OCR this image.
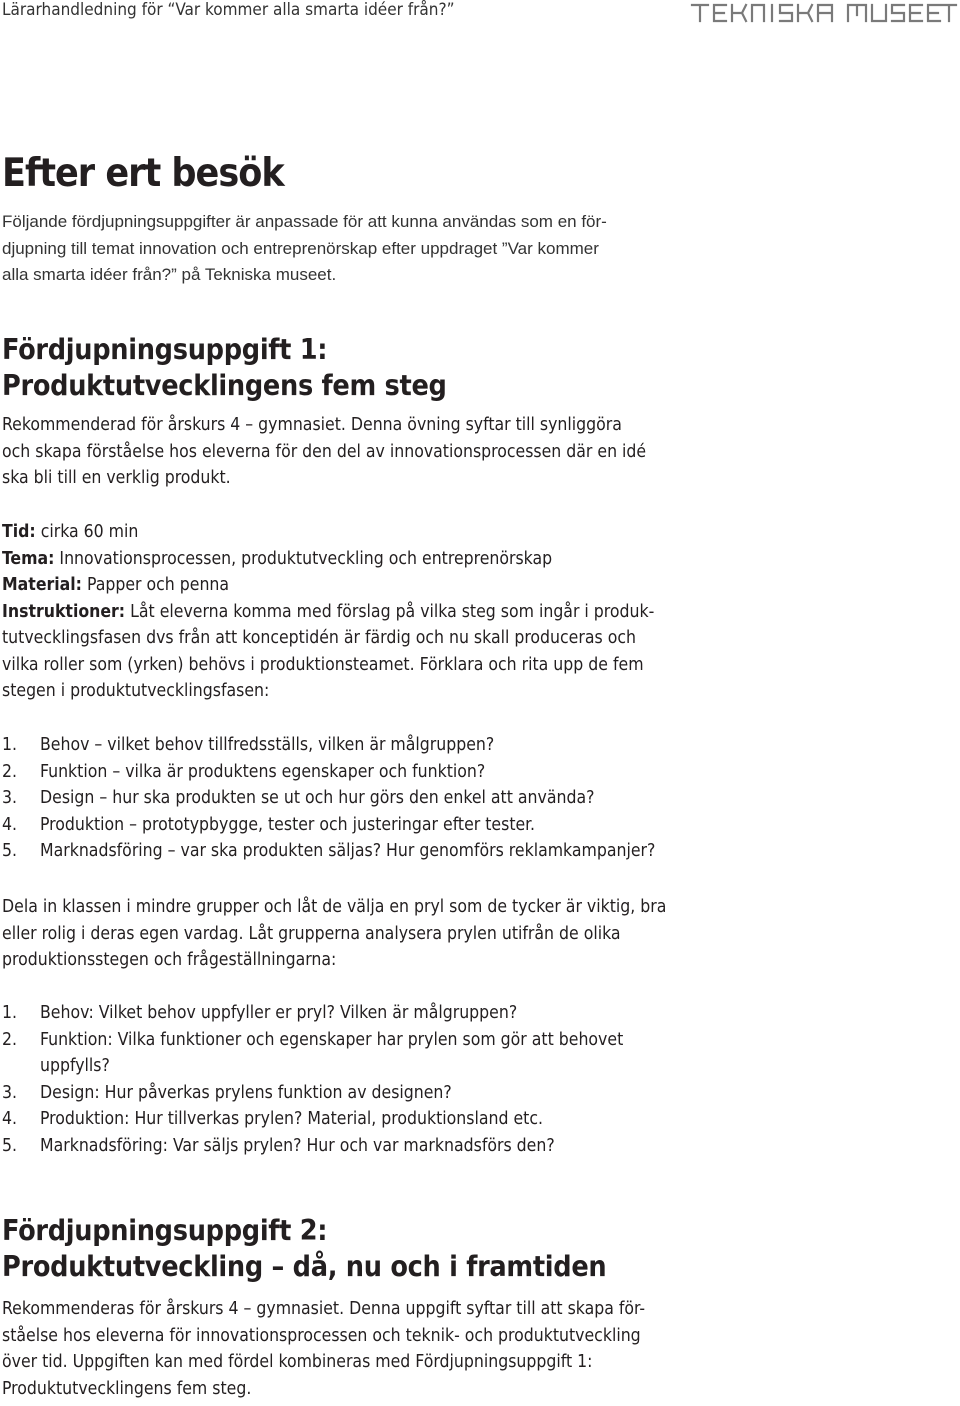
Lärarhandledning för “Var kommer alla smarta idéer från?”
Efter ert besök
Följande fördjupningsuppgifter är anpassade för att kunna användas som en för-
djupning till temat innovation och entreprenörskap efter uppdraget ”Var kommer
alla smarta idéer från?” på Tekniska museet.
Fördjupningsuppgift 1:
Produktutvecklingens fem steg
Rekommenderad för årskurs 4 – gymnasiet. Denna övning syftar till synliggöra
och skapa förståelse hos eleverna för den del av innovationsprocessen där en idé
ska bli till en verklig produkt.
Tid: cirka 60 min
Tema: Innovationsprocessen, produktutveckling och entreprenörskap
Material: Papper och penna
Instruktioner: Låt eleverna komma med förslag på vilka steg som ingår i produk-
tutvecklingsfasen dvs från att konceptidén är färdig och nu skall produceras och
vilka roller som (yrken) behövs i produktionsteamet. Förklara och rita upp de fem
stegen i produktutvecklingsfasen:
1. Behov – vilket behov tillfredsställs, vilken är målgruppen?
2. Funktion – vilka är produktens egenskaper och funktion?
3. Design – hur ska produkten se ut och hur görs den enkel att använda?
4. Produktion – prototypbygge, tester och justeringar efter tester.
5. Marknadsföring – var ska produkten säljas? Hur genomförs reklamkampanjer?
Dela in klassen i mindre grupper och låt de välja en pryl som de tycker är viktig, bra
eller rolig i deras egen vardag. Låt grupperna analysera prylen utifrån de olika
produktionsstegen och frågeställningarna:
1. Behov: Vilket behov uppfyller er pryl? Vilken är målgruppen?
2. Funktion: Vilka funktioner och egenskaper har prylen som gör att behovet
uppfylls?
3. Design: Hur påverkas prylens funktion av designen?
4. Produktion: Hur tillverkas prylen? Material, produktionsland etc.
5. Marknadsföring: Var säljs prylen? Hur och var marknadsförs den?
Fördjupningsuppgift 2:
Produktutveckling – då, nu och i framtiden
Rekommenderas för årskurs 4 – gymnasiet. Denna uppgift syftar till att skapa för-
ståelse hos eleverna för innovationsprocessen och teknik- och produktutveckling
över tid. Uppgiften kan med fördel kombineras med Fördjupningsuppgift 1:
Produktutvecklingens fem steg.
